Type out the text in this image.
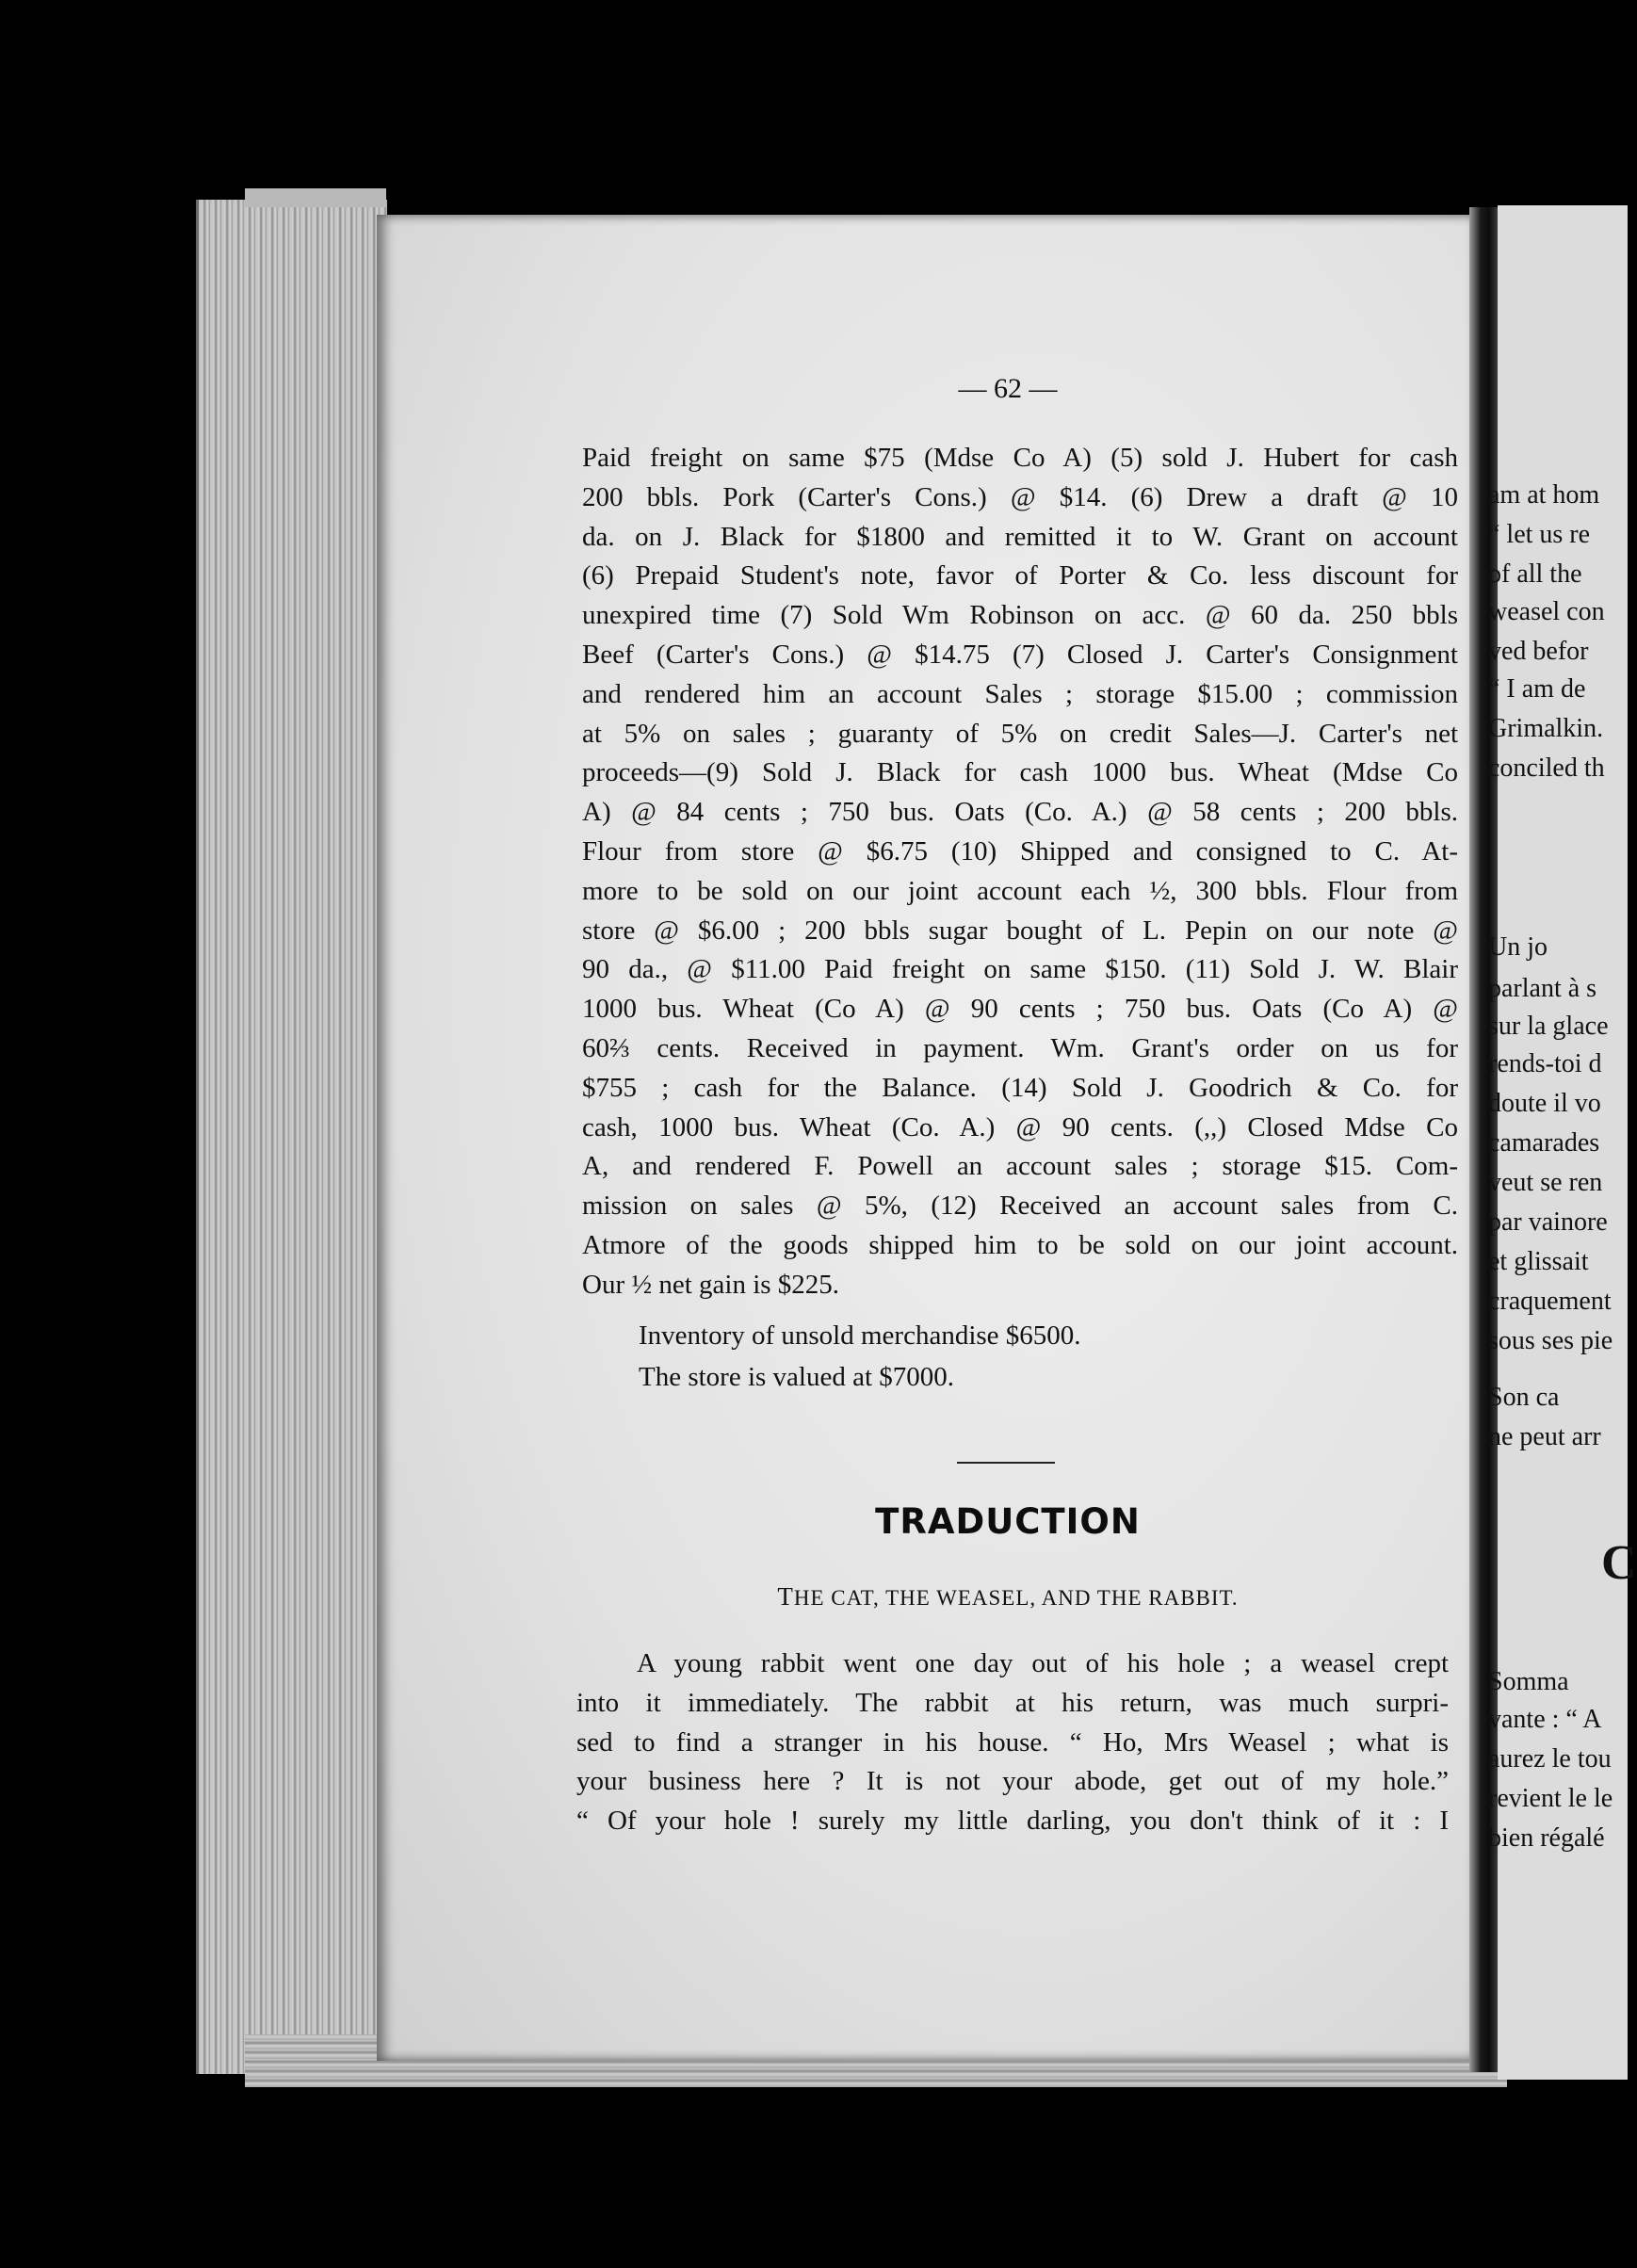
— 62 —
Paid freight on same $75 (Mdse Co A) (5) sold J. Hubert for cash
200 bbls. Pork (Carter's Cons.) @ $14. (6) Drew a draft @ 10
da. on J. Black for $1800 and remitted it to W. Grant on account
(6) Prepaid Student's note, favor of Porter & Co. less discount for
unexpired time (7) Sold Wm Robinson on acc. @ 60 da. 250 bbls
Beef (Carter's Cons.) @ $14.75 (7) Closed J. Carter's Consignment
and rendered him an account Sales ; storage $15.00 ; commission
at 5% on sales ; guaranty of 5% on credit Sales—J. Carter's net
proceeds—(9) Sold J. Black for cash 1000 bus. Wheat (Mdse Co
A) @ 84 cents ; 750 bus. Oats (Co. A.) @ 58 cents ; 200 bbls.
Flour from store @ $6.75 (10) Shipped and consigned to C. At-
more to be sold on our joint account each ½, 300 bbls. Flour from
store @ $6.00 ; 200 bbls sugar bought of L. Pepin on our note @
90 da., @ $11.00 Paid freight on same $150. (11) Sold J. W. Blair
1000 bus. Wheat (Co A) @ 90 cents ; 750 bus. Oats (Co A) @
60⅔ cents. Received in payment. Wm. Grant's order on us for
$755 ; cash for the Balance. (14) Sold J. Goodrich & Co. for
cash, 1000 bus. Wheat (Co. A.) @ 90 cents. (,,) Closed Mdse Co
A, and rendered F. Powell an account sales ; storage $15. Com-
mission on sales @ 5%, (12) Received an account sales from C.
Atmore of the goods shipped him to be sold on our joint account.
Our ½ net gain is $225.
Inventory of unsold merchandise $6500.
The store is valued at $7000.
TRADUCTION
THE CAT, THE WEASEL, AND THE RABBIT.
A young rabbit went one day out of his hole ; a weasel crept
into it immediately. The rabbit at his return, was much surpri-
sed to find a stranger in his house. “ Ho, Mrs Weasel ; what is
your business here ? It is not your abode, get out of my hole.”
“ Of your hole ! surely my little darling, you don't think of it : I
am at hom
“ let us re
of all the
weasel con
ved befor
“ I am de
Grimalkin.
conciled th
Un jo
parlant à s
sur la glace
rends-toi d
doute il vo
camarades
veut se ren
par vainore
et glissait
craquement
sous ses pie
Son ca
ne peut arr
C
Somma
vante : “ A
aurez le tou
revient le le
bien régalé
